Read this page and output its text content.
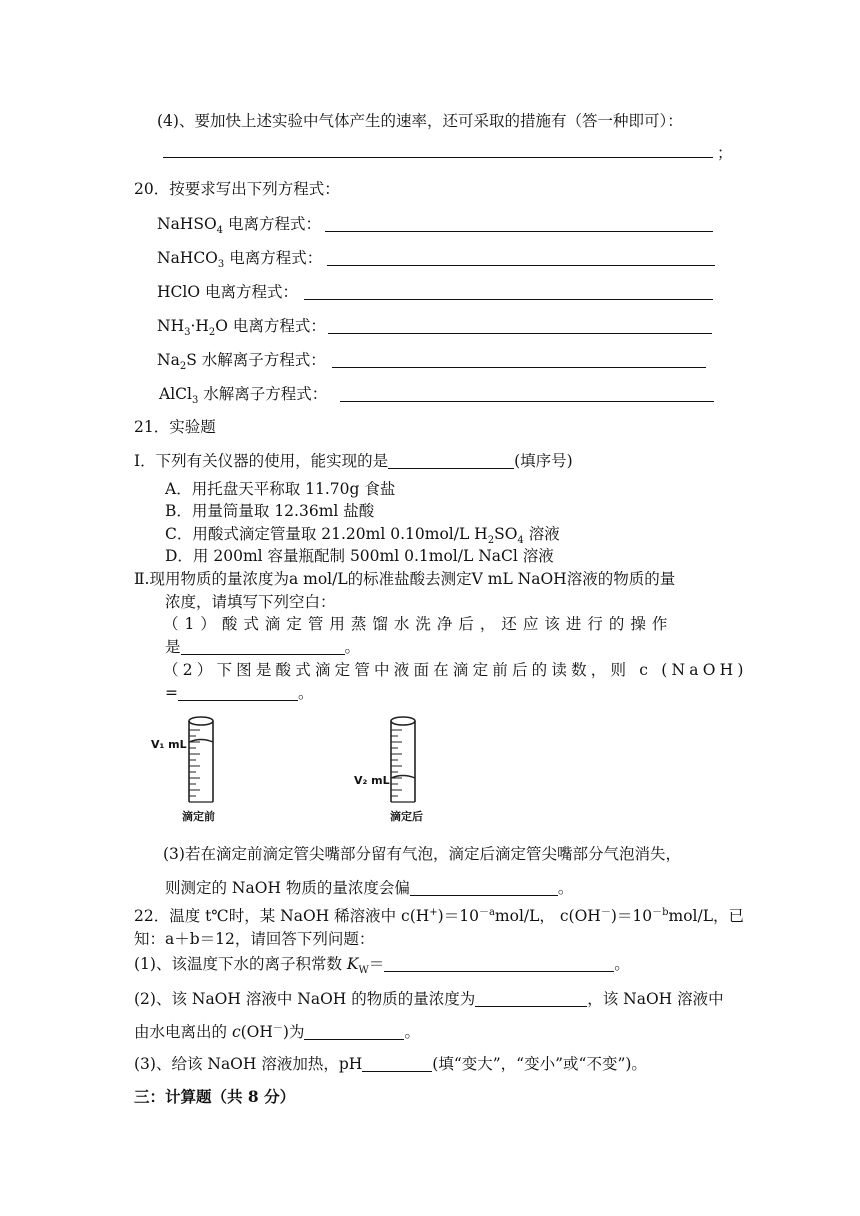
(4)、要加快上述实验中气体产生的速率，还可采取的措施有（答一种即可）：
；
20．按要求写出下列方程式：
NaHSO$_4$ 电离方程式：
NaHCO$_3$ 电离方程式：
HClO 电离方程式：
$NH_3\cdot H_2O$ 电离方程式：
$Na_2S$ 水解离子方程式：
AlCl$_3$ 水解离子方程式：
21．实验题
Ⅰ．下列有关仪器的使用，能实现的是	(填序号)
A．用托盘天平称取 11.70g 食盐
B．用量筒量取 12.36ml 盐酸
C．用酸式滴定管量取 21.20ml 0.10mol/L $H_2SO_4$ 溶液
D．用 200ml 容量瓶配制 500ml 0.1mol/L NaCl 溶液
Ⅱ.现用物质的量浓度为a mol/L的标准盐酸去测定V mL NaOH溶液的物质的量
浓度，请填写下列空白：
（1）酸式滴定管用蒸馏水洗净后，还应该进行的操作
是	。
（2）下图是酸式滴定管中液面在滴定前后的读数，则 c (NaOH)
=	。
V₁ mL
滴定前
V₂ mL
滴定后
(3)若在滴定前滴定管尖嘴部分留有气泡，滴定后滴定管尖嘴部分气泡消失，
则测定的 NaOH 物质的量浓度会偏	。
22．温度 t℃时，某 NaOH 稀溶液中 $c(H^+)=10^{-a}mol/L$， $c(OH^-)=10^{-b}mol/L$，已
知：a＋b＝12，请回答下列问题：
(1)、该温度下水的离子积常数 $K_W=$	。
(2)、该 NaOH 溶液中 NaOH 的物质的量浓度为	，该 NaOH 溶液中
由水电离出的 c(OH－)为	。
(3)、给该 NaOH 溶液加热，pH	(填“变大”，“变小”或“不变”)。
三：计算题（共 8 分）
